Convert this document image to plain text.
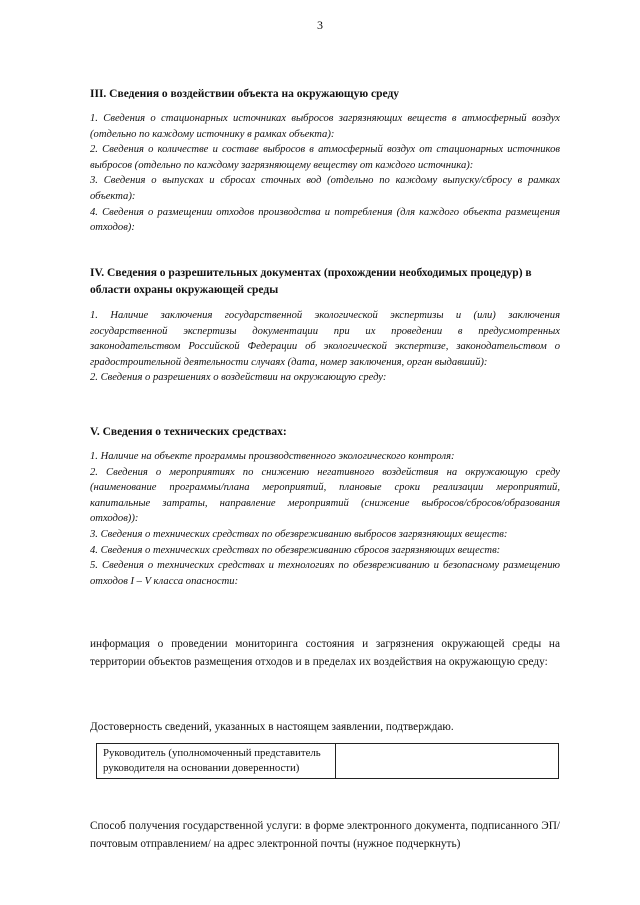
3
III. Сведения о воздействии объекта на окружающую среду
1. Сведения о стационарных источниках выбросов загрязняющих веществ в атмосферный воздух (отдельно по каждому источнику в рамках объекта):
2. Сведения о количестве и составе выбросов в атмосферный воздух от стационарных источников выбросов (отдельно по каждому загрязняющему веществу от каждого источника):
3. Сведения о выпусках и сбросах сточных вод (отдельно по каждому выпуску/сбросу в рамках объекта):
4. Сведения о размещении отходов производства и потребления (для каждого объекта размещения отходов):
IV. Сведения о разрешительных документах (прохождении необходимых процедур) в области охраны окружающей среды
1. Наличие заключения государственной экологической экспертизы и (или) заключения государственной экспертизы документации при их проведении в предусмотренных законодательством Российской Федерации об экологической экспертизе, законодательством о градостроительной деятельности случаях (дата, номер заключения, орган выдавший):
2. Сведения о разрешениях о воздействии на окружающую среду:
V. Сведения о технических средствах:
1. Наличие на объекте программы производственного экологического контроля:
2. Сведения о мероприятиях по снижению негативного воздействия на окружающую среду (наименование программы/плана мероприятий, плановые сроки реализации мероприятий, капитальные затраты, направление мероприятий (снижение выбросов/сбросов/образования отходов)):
3. Сведения о технических средствах по обезвреживанию выбросов загрязняющих веществ:
4. Сведения о технических средствах по обезвреживанию сбросов загрязняющих веществ:
5. Сведения о технических средствах и технологиях по обезвреживанию и безопасному размещению отходов I – V класса опасности:
информация о проведении мониторинга состояния и загрязнения окружающей среды на территории объектов размещения отходов и в пределах их воздействия на окружающую среду:
Достоверность сведений, указанных в настоящем заявлении, подтверждаю.
Руководитель (уполномоченный представитель руководителя на основании доверенности)	
Способ получения государственной услуги: в форме электронного документа, подписанного ЭП/ почтовым отправлением/ на адрес электронной почты (нужное подчеркнуть)
